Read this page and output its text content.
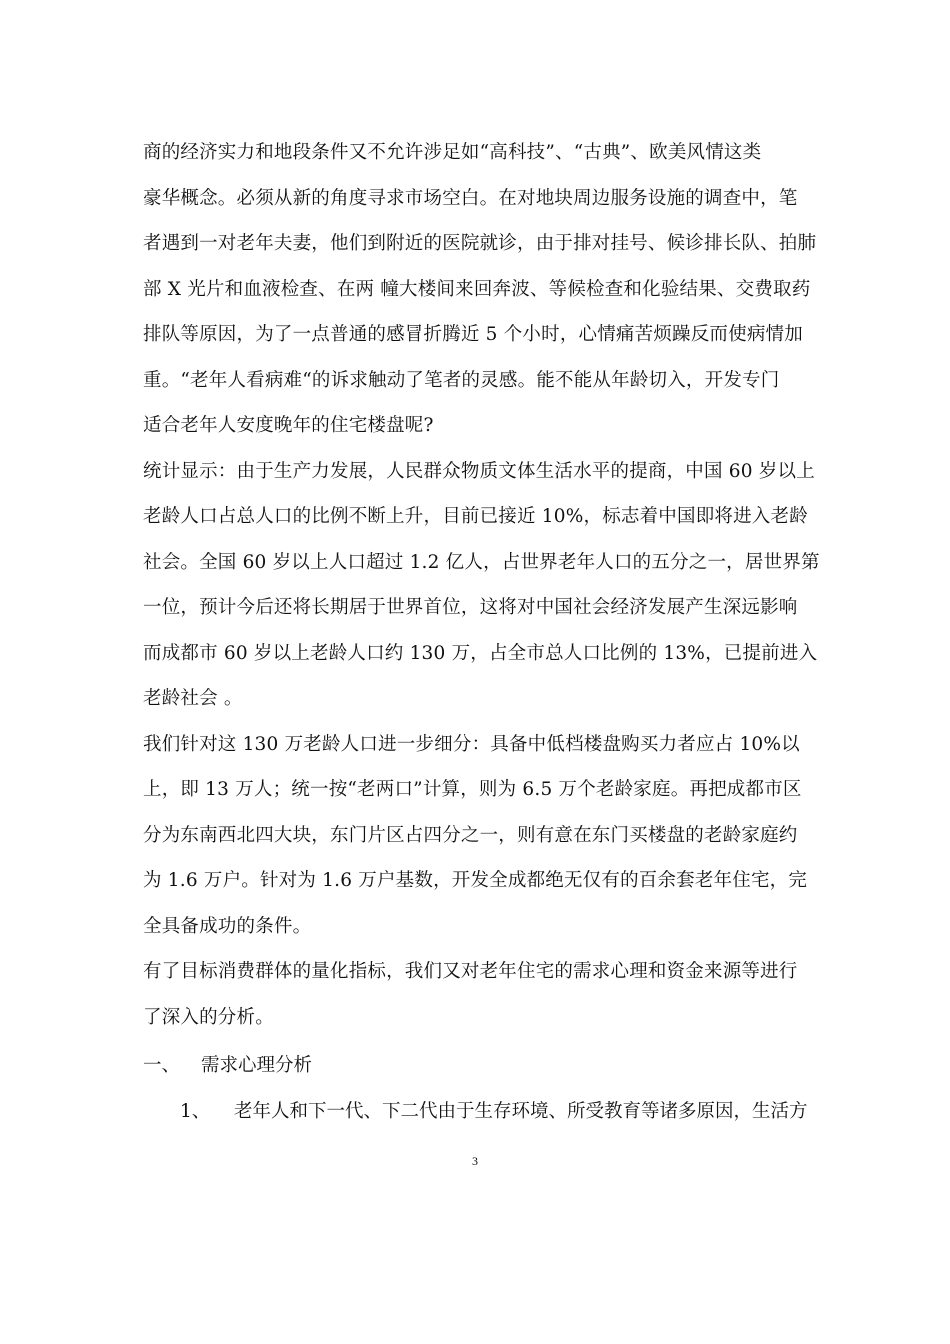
商的经济实力和地段条件又不允许涉足如“高科技”、“古典”、欧美风情这类
豪华概念。必须从新的角度寻求市场空白。在对地块周边服务设施的调查中，笔
者遇到一对老年夫妻，他们到附近的医院就诊，由于排对挂号、候诊排长队、拍肺
部 X 光片和血液检查、在两 幢大楼间来回奔波、等候检查和化验结果、交费取药
排队等原因，为了一点普通的感冒折腾近 5 个小时，心情痛苦烦躁反而使病情加
重。“老年人看病难“的诉求触动了笔者的灵感。能不能从年龄切入，开发专门
适合老年人安度晚年的住宅楼盘呢?
统计显示：由于生产力发展，人民群众物质文体生活水平的提商，中国 60 岁以上
老龄人口占总人口的比例不断上升，目前已接近 10%，标志着中国即将进入老龄
社会。全国 60 岁以上人口超过 1.2 亿人，占世界老年人口的五分之一，居世界第
一位，预计今后还将长期居于世界首位，这将对中国社会经济发展产生深远影响
而成都市 60 岁以上老龄人口约 130 万，占全市总人口比例的 13%，已提前进入
老龄社会 。
我们针对这 130 万老龄人口进一步细分：具备中低档楼盘购买力者应占 10%以
上，即 13 万人；统一按“老两口”计算，则为 6.5 万个老龄家庭。再把成都市区
分为东南西北四大块，东门片区占四分之一，则有意在东门买楼盘的老龄家庭约
为 1.6 万户。针对为 1.6 万户基数，开发全成都绝无仅有的百余套老年住宅，完
全具备成功的条件。
有了目标消费群体的量化指标，我们又对老年住宅的需求心理和资金来源等进行
了深入的分析。
一、 需求心理分析
1、 老年人和下一代、下二代由于生存环境、所受教育等诸多原因，生活方
3
